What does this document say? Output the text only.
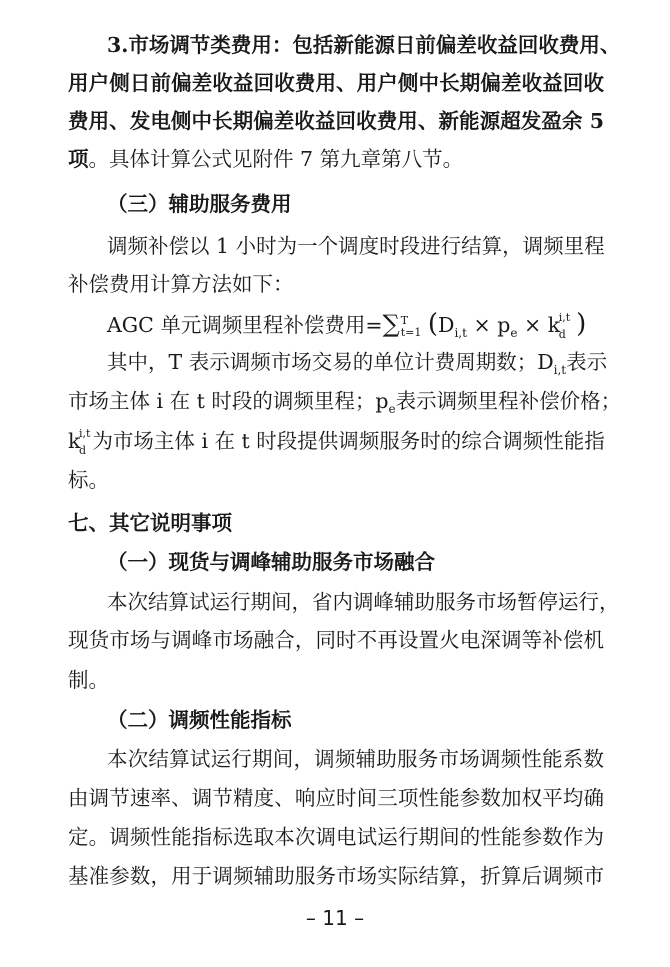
3.市场调节类费用：包括新能源日前偏差收益回收费用、
用户侧日前偏差收益回收费用、用户侧中长期偏差收益回收
费用、发电侧中长期偏差收益回收费用、新能源超发盈余 5
项。具体计算公式见附件 7 第九章第八节。
（三）辅助服务费用
调频补偿以 1 小时为一个调度时段进行结算，调频里程
补偿费用计算方法如下：
AGC 单元调频里程补偿费用=∑ T
t=1 ($D_{i,t} \times p_e \times k$
i,t
d )
其中，T 表示调频市场交易的单位计费周期数；$D_{i,t}$表示
市场主体 i 在 t 时段的调频里程；$p_e$表示调频里程补偿价格；
k
i,t
d 为市场主体 i 在 t 时段提供调频服务时的综合调频性能指
标。
七、其它说明事项
（一）现货与调峰辅助服务市场融合
本次结算试运行期间，省内调峰辅助服务市场暂停运行，
现货市场与调峰市场融合，同时不再设置火电深调等补偿机
制。
（二）调频性能指标
本次结算试运行期间，调频辅助服务市场调频性能系数
由调节速率、调节精度、响应时间三项性能参数加权平均确
定。调频性能指标选取本次调电试运行期间的性能参数作为
基准参数，用于调频辅助服务市场实际结算，折算后调频市
– 11 –
